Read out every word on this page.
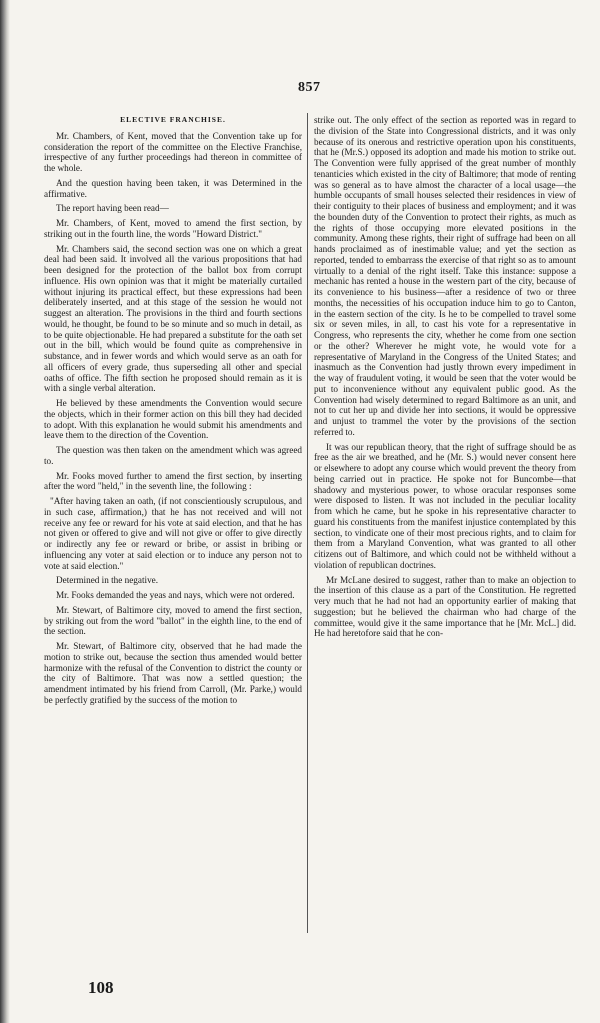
857
ELECTIVE FRANCHISE.

Mr. Chambers, of Kent, moved that the Convention take up for consideration the report of the committee on the Elective Franchise, irrespective of any further proceedings had thereon in committee of the whole.

And the question having been taken, it was Determined in the affirmative.

The report having been read—

Mr. Chambers, of Kent, moved to amend the first section, by striking out in the fourth line, the words "Howard District."

Mr. Chambers said, the second section was one on which a great deal had been said. It involved all the various propositions that had been designed for the protection of the ballot box from corrupt influence. His own opinion was that it might be materially curtailed without injuring its practical effect, but these expressions had been deliberately inserted, and at this stage of the session he would not suggest an alteration. The provisions in the third and fourth sections would, he thought, be found to be so minute and so much in detail, as to be quite objectionable. He had prepared a substitute for the oath set out in the bill, which would be found quite as comprehensive in substance, and in fewer words and which would serve as an oath for all officers of every grade, thus superseding all other and special oaths of office. The fifth section he proposed should remain as it is with a single verbal alteration.

He believed by these amendments the Convention would secure the objects, which in their former action on this bill they had decided to adopt. With this explanation he would submit his amendments and leave them to the direction of the Covention.

The question was then taken on the amendment which was agreed to.

Mr. Fooks moved further to amend the first section, by inserting after the word "held," in the seventh line, the following :

"After having taken an oath, (if not conscientiously scrupulous, and in such case, affirmation,) that he has not received and will not receive any fee or reward for his vote at said election, and that he has not given or offered to give and will not give or offer to give directly or indirectly any fee or reward or bribe, or assist in bribing or influencing any voter at said election or to induce any person not to vote at said election."

Determined in the negative.

Mr. Fooks demanded the yeas and nays, which were not ordered.

Mr. Stewart, of Baltimore city, moved to amend the first section, by striking out from the word "ballot" in the eighth line, to the end of the section.

Mr. Stewart, of Baltimore city, observed that he had made the motion to strike out, because the section thus amended would better harmonize with the refusal of the Convention to district the county or the city of Baltimore. That was now a settled question; the amendment intimated by his friend from Carroll, (Mr. Parke,) would be perfectly gratified by the success of the motion to

strike out. The only effect of the section as reported was in regard to the division of the State into Congressional districts, and it was only because of its onerous and restrictive operation upon his constituents, that he (Mr.S.) opposed its adoption and made his motion to strike out. The Convention were fully apprised of the great number of monthly tenanticies which existed in the city of Baltimore; that mode of renting was so general as to have almost the character of a local usage—the humble occupants of small houses selected their residences in view of their contiguity to their places of business and employment; and it was the bounden duty of the Convention to protect their rights, as much as the rights of those occupying more elevated positions in the community. Among these rights, their right of suffrage had been on all hands proclaimed as of inestimable value; and yet the section as reported, tended to embarrass the exercise of that right so as to amount virtually to a denial of the right itself. Take this instance: suppose a mechanic has rented a house in the western part of the city, because of its convenience to his business—after a residence of two or three months, the necessities of his occupation induce him to go to Canton, in the eastern section of the city. Is he to be compelled to travel some six or seven miles, in all, to cast his vote for a representative in Congress, who represents the city, whether he come from one section or the other? Wherever he might vote, he would vote for a representative of Maryland in the Congress of the United States; and inasmuch as the Convention had justly thrown every impediment in the way of fraudulent voting, it would be seen that the voter would be put to inconvenience without any equivalent public good. As the Convention had wisely determined to regard Baltimore as an unit, and not to cut her up and divide her into sections, it would be oppressive and unjust to trammel the voter by the provisions of the section referred to.

It was our republican theory, that the right of suffrage should be as free as the air we breathed, and he (Mr. S.) would never consent here or elsewhere to adopt any course which would prevent the theory from being carried out in practice. He spoke not for Buncombe—that shadowy and mysterious power, to whose oracular responses some were disposed to listen. It was not included in the peculiar locality from which he came, but he spoke in his representative character to guard his constituents from the manifest injustice contemplated by this section, to vindicate one of their most precious rights, and to claim for them from a Maryland Convention, what was granted to all other citizens out of Baltimore, and which could not be withheld without a violation of republican doctrines.

Mr McLane desired to suggest, rather than to make an objection to the insertion of this clause as a part of the Constitution. He regretted very much that he had not had an opportunity earlier of making that suggestion; but he believed the chairman who had charge of the committee, would give it the same importance that he [Mr. McL.] did. He had heretofore said that he con-

108
